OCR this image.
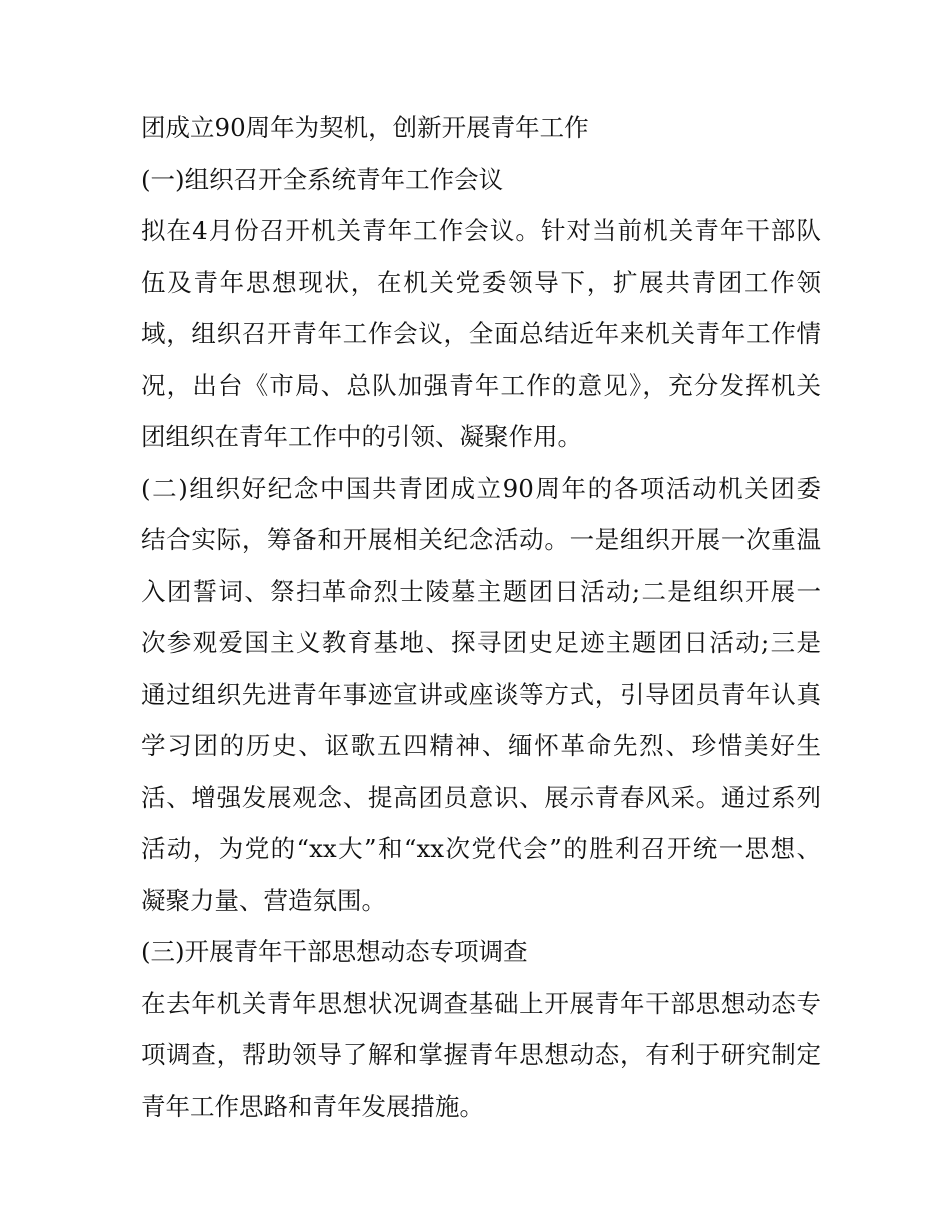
团成立90周年为契机，创新开展青年工作
(一)组织召开全系统青年工作会议
拟在4月份召开机关青年工作会议。针对当前机关青年干部队
伍及青年思想现状，在机关党委领导下，扩展共青团工作领
域，组织召开青年工作会议，全面总结近年来机关青年工作情
况，出台《市局、总队加强青年工作的意见》，充分发挥机关
团组织在青年工作中的引领、凝聚作用。
(二)组织好纪念中国共青团成立90周年的各项活动机关团委
结合实际，筹备和开展相关纪念活动。一是组织开展一次重温
入团誓词、祭扫革命烈士陵墓主题团日活动;二是组织开展一
次参观爱国主义教育基地、探寻团史足迹主题团日活动;三是
通过组织先进青年事迹宣讲或座谈等方式，引导团员青年认真
学习团的历史、讴歌五四精神、缅怀革命先烈、珍惜美好生
活、增强发展观念、提高团员意识、展示青春风采。通过系列
活动，为党的“xx大”和“xx次党代会”的胜利召开统一思想、
凝聚力量、营造氛围。
(三)开展青年干部思想动态专项调查
在去年机关青年思想状况调查基础上开展青年干部思想动态专
项调查，帮助领导了解和掌握青年思想动态，有利于研究制定
青年工作思路和青年发展措施。
